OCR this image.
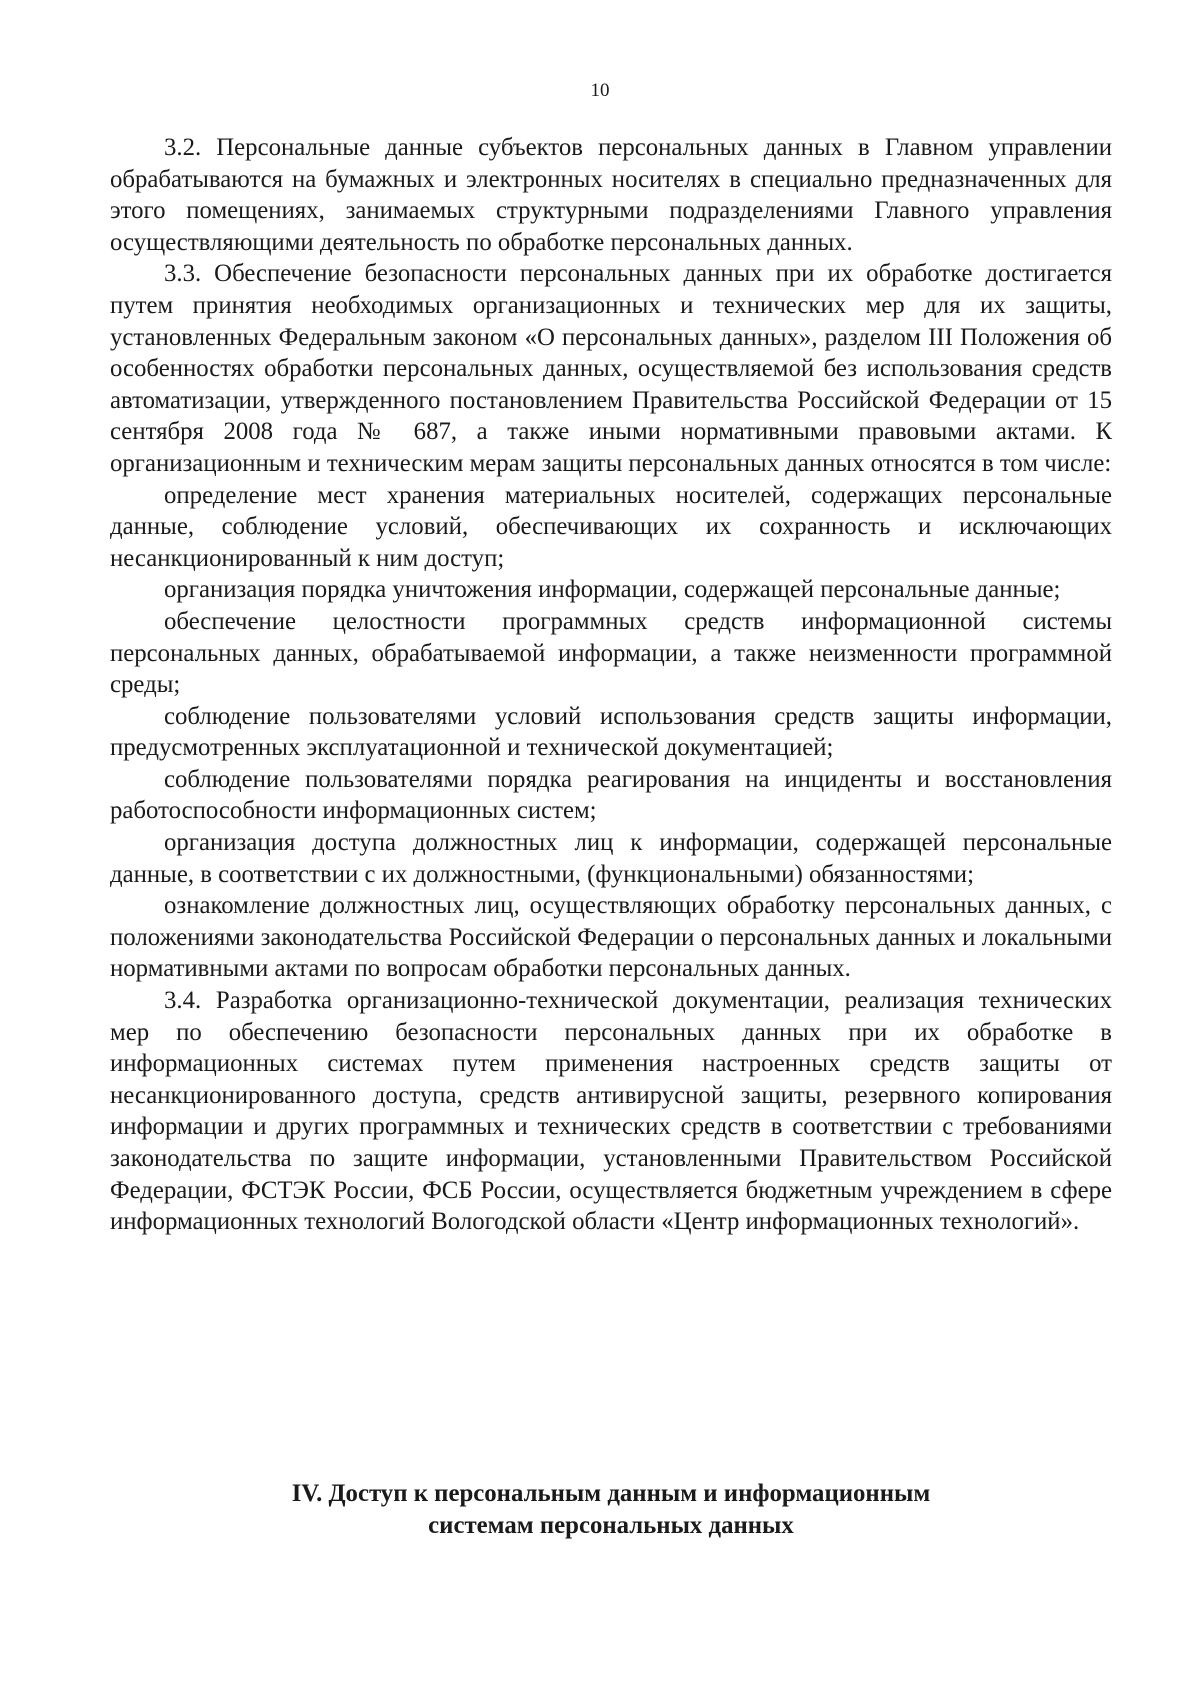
10

3.2. Персональные данные субъектов персональных данных в Главном управлении обрабатываются на бумажных и электронных носителях в специально предназначенных для этого помещениях, занимаемых структурными подразделениями Главного управления осуществляющими деятельность по обработке персональных данных.

3.3. Обеспечение безопасности персональных данных при их обработке достигается путем принятия необходимых организационных и технических мер для их защиты, установленных Федеральным законом «О персональных данных», разделом III Положения об особенностях обработки персональных данных, осуществляемой без использования средств автоматизации, утвержденного постановлением Правительства Российской Федерации от 15 сентября 2008 года № 687, а также иными нормативными правовыми актами. К организационным и техническим мерам защиты персональных данных относятся в том числе:

определение мест хранения материальных носителей, содержащих персональные данные, соблюдение условий, обеспечивающих их сохранность и исключающих несанкционированный к ним доступ;

организация порядка уничтожения информации, содержащей персональные данные;

обеспечение целостности программных средств информационной системы персональных данных, обрабатываемой информации, а также неизменности программной среды;

соблюдение пользователями условий использования средств защиты информации, предусмотренных эксплуатационной и технической документацией;

соблюдение пользователями порядка реагирования на инциденты и восстановления работоспособности информационных систем;

организация доступа должностных лиц к информации, содержащей персональные данные, в соответствии с их должностными, (функциональными) обязанностями;

ознакомление должностных лиц, осуществляющих обработку персональных данных, с положениями законодательства Российской Федерации о персональных данных и локальными нормативными актами по вопросам обработки персональных данных.

3.4. Разработка организационно-технической документации, реализация технических мер по обеспечению безопасности персональных данных при их обработке в информационных системах путем применения настроенных средств защиты от несанкционированного доступа, средств антивирусной защиты, резервного копирования информации и других программных и технических средств в соответствии с требованиями законодательства по защите информации, установленными Правительством Российской Федерации, ФСТЭК России, ФСБ России, осуществляется бюджетным учреждением в сфере информационных технологий Вологодской области «Центр информационных технологий».

IV. Доступ к персональным данным и информационным
системам персональных данных
